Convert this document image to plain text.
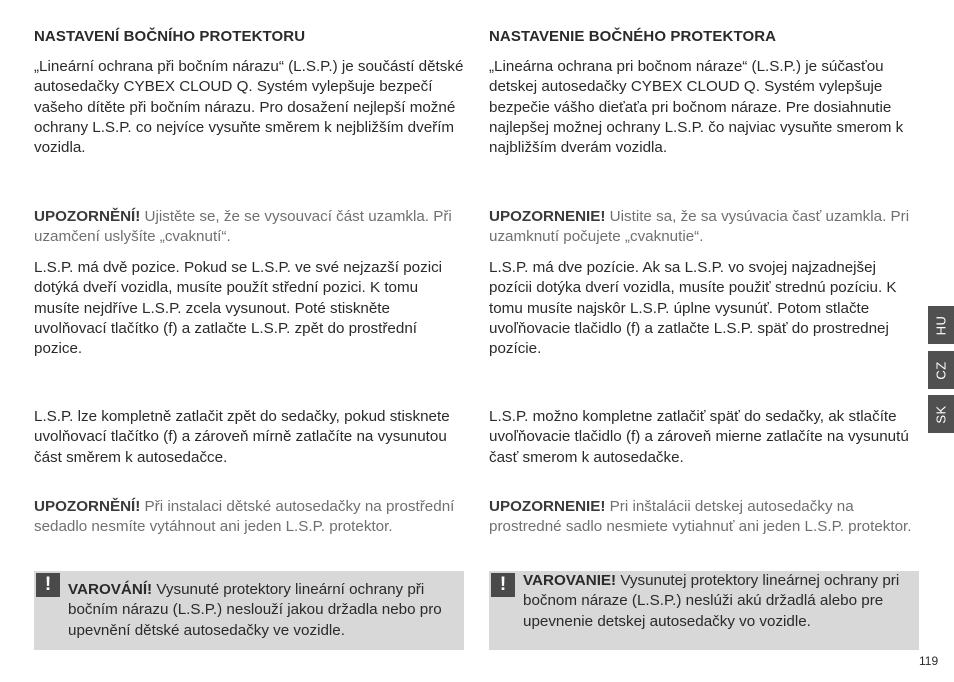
NASTAVENÍ BOČNÍHO PROTEKTORU
„Lineární ochrana při bočním nárazu“ (L.S.P.) je součástí dětské autosedačky CYBEX CLOUD Q. Systém vylepšuje bezpečí vašeho dítěte při bočním nárazu. Pro dosažení nejlepší možné ochrany L.S.P. co nejvíce vysuňte směrem k nejbližším dveřím vozidla.
UPOZORNĚNÍ! Ujistěte se, že se vysouvací část uzamkla. Při uzamčení uslyšíte „cvaknutí“.
L.S.P. má dvě pozice. Pokud se L.S.P. ve své nejzazší pozici dotýká dveří vozidla, musíte použít střední pozici. K tomu musíte nejdříve L.S.P. zcela vysunout. Poté stiskněte uvolňovací tlačítko (f) a zatlačte L.S.P. zpět do prostřední pozice.
L.S.P. lze kompletně zatlačit zpět do sedačky, pokud stisknete uvolňovací tlačítko (f) a zároveň mírně zatlačíte na vysunutou část směrem k autosedačce.
UPOZORNĚNÍ! Při instalaci dětské autosedačky na prostřední sedadlo nesmíte vytáhnout ani jeden L.S.P. protektor.
!	VAROVÁNÍ! Vysunuté protektory lineární ochrany při bočním nárazu (L.S.P.) neslouží jakou držadla nebo pro upevnění dětské autosedačky ve vozidle.
NASTAVENIE BOČNÉHO PROTEKTORA
„Lineárna ochrana pri bočnom náraze“ (L.S.P.) je súčasťou detskej autosedačky CYBEX CLOUD Q. Systém vylepšuje bezpečie vášho dieťaťa pri bočnom náraze. Pre dosiahnutie najlepšej možnej ochrany L.S.P. čo najviac vysuňte smerom k najbližším dverám vozidla.
UPOZORNENIE! Uistite sa, že sa vysúvacia časť uzamkla. Pri uzamknutí počujete „cvaknutie“.
L.S.P. má dve pozície. Ak sa L.S.P. vo svojej najzadnejšej pozícii dotýka dverí vozidla, musíte použiť strednú pozíciu. K tomu musíte najskôr L.S.P. úplne vysunúť. Potom stlačte uvoľňovacie tlačidlo (f) a zatlačte L.S.P. späť do prostrednej pozície.
L.S.P. možno kompletne zatlačiť späť do sedačky, ak stlačíte uvoľňovacie tlačidlo (f) a zároveň mierne zatlačíte na vysunutú časť smerom k autosedačke.
UPOZORNENIE! Pri inštalácii detskej autosedačky na prostredné sadlo nesmiete vytiahnuť ani jeden L.S.P. protektor.
!	VAROVANIE! Vysunutej protektory lineárnej ochrany pri bočnom náraze (L.S.P.) neslúži akú držadlá alebo pre upevnenie detskej autosedačky vo vozidle.
HU
CZ
SK
119
